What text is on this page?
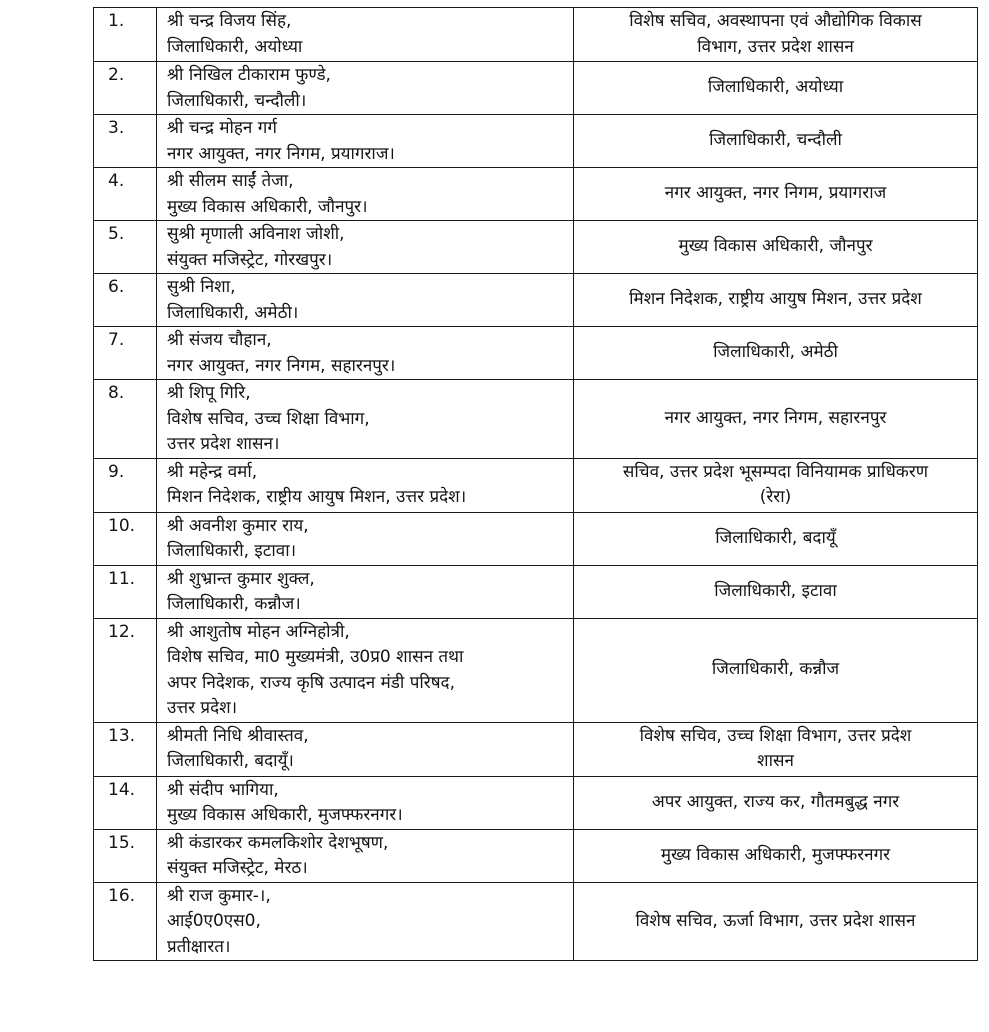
1.	श्री चन्द्र विजय सिंह,
जिलाधिकारी, अयोध्या	विशेष सचिव, अवस्थापना एवं औद्योगिक विकास
विभाग, उत्तर प्रदेश शासन

2.	श्री निखिल टीकाराम फुण्डे,
जिलाधिकारी, चन्दौली।	जिलाधिकारी, अयोध्या

3.	श्री चन्द्र मोहन गर्ग
नगर आयुक्त, नगर निगम, प्रयागराज।	जिलाधिकारी, चन्दौली

4.	श्री सीलम साईं तेजा,
मुख्य विकास अधिकारी, जौनपुर।	नगर आयुक्त, नगर निगम, प्रयागराज

5.	सुश्री मृणाली अविनाश जोशी,
संयुक्त मजिस्ट्रेट, गोरखपुर।	मुख्य विकास अधिकारी, जौनपुर

6.	सुश्री निशा,
जिलाधिकारी, अमेठी।	मिशन निदेशक, राष्ट्रीय आयुष मिशन, उत्तर प्रदेश

7.	श्री संजय चौहान,
नगर आयुक्त, नगर निगम, सहारनपुर।	जिलाधिकारी, अमेठी

8.	श्री शिपू गिरि,
विशेष सचिव, उच्च शिक्षा विभाग,
उत्तर प्रदेश शासन।	नगर आयुक्त, नगर निगम, सहारनपुर

9.	श्री महेन्द्र वर्मा,
मिशन निदेशक, राष्ट्रीय आयुष मिशन, उत्तर प्रदेश।	सचिव, उत्तर प्रदेश भूसम्पदा विनियामक प्राधिकरण
(रेरा)

10.	श्री अवनीश कुमार राय,
जिलाधिकारी, इटावा।	जिलाधिकारी, बदायूँ

11.	श्री शुभ्रान्त कुमार शुक्ल,
जिलाधिकारी, कन्नौज।	जिलाधिकारी, इटावा

12.	श्री आशुतोष मोहन अग्निहोत्री,
विशेष सचिव, मा0 मुख्यमंत्री, उ0प्र0 शासन तथा
अपर निदेशक, राज्य कृषि उत्पादन मंडी परिषद,
उत्तर प्रदेश।	जिलाधिकारी, कन्नौज

13.	श्रीमती निधि श्रीवास्तव,
जिलाधिकारी, बदायूँ।	विशेष सचिव, उच्च शिक्षा विभाग, उत्तर प्रदेश
शासन

14.	श्री संदीप भागिया,
मुख्य विकास अधिकारी, मुजफ्फरनगर।	अपर आयुक्त, राज्य कर, गौतमबुद्ध नगर

15.	श्री कंडारकर कमलकिशोर देशभूषण,
संयुक्त मजिस्ट्रेट, मेरठ।	मुख्य विकास अधिकारी, मुजफ्फरनगर

16.	श्री राज कुमार-।,
आई0ए0एस0,
प्रतीक्षारत।	विशेष सचिव, ऊर्जा विभाग, उत्तर प्रदेश शासन
